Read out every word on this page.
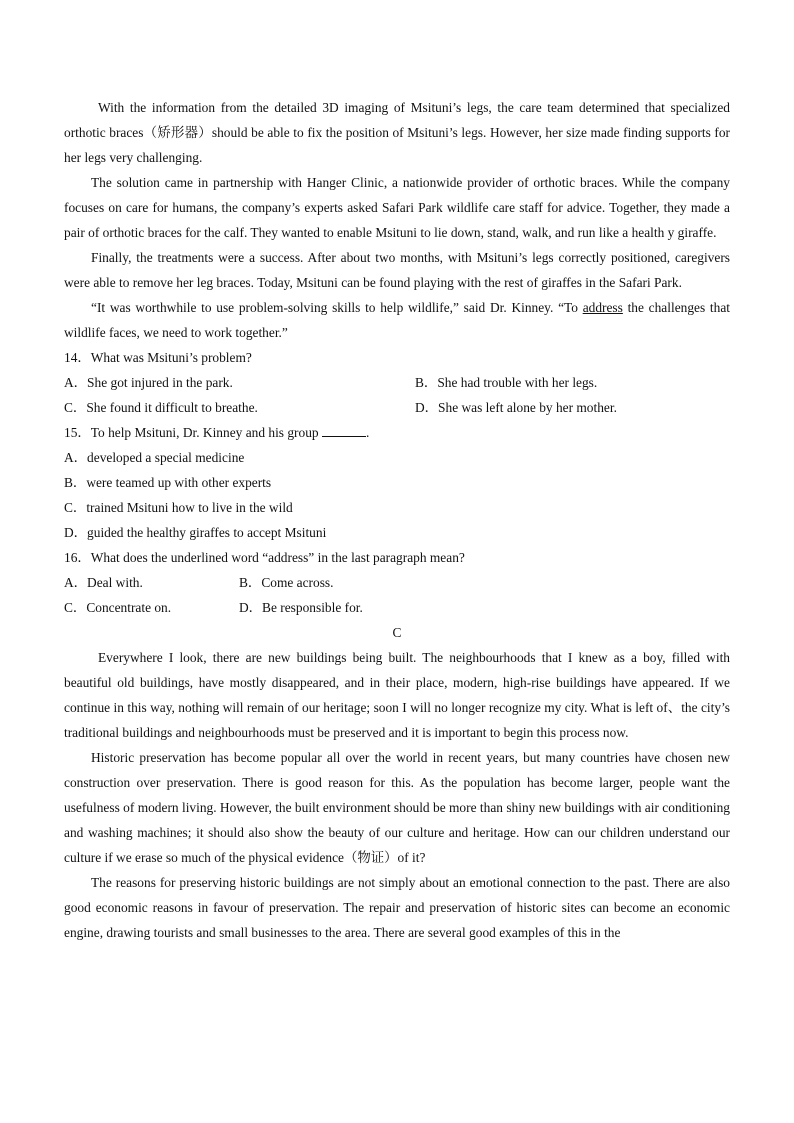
With the information from the detailed 3D imaging of Msituni’s legs, the care team determined that specialized orthotic braces（矫形器）should be able to fix the position of Msituni’s legs. However, her size made finding supports for her legs very challenging.

The solution came in partnership with Hanger Clinic, a nationwide provider of orthotic braces. While the company focuses on care for humans, the company’s experts asked Safari Park wildlife care staff for advice. Together, they made a pair of orthotic braces for the calf. They wanted to enable Msituni to lie down, stand, walk, and run like a health y giraffe.

Finally, the treatments were a success. After about two months, with Msituni’s legs correctly positioned, caregivers were able to remove her leg braces. Today, Msituni can be found playing with the rest of giraffes in the Safari Park.

“It was worthwhile to use problem-solving skills to help wildlife,” said Dr. Kinney. “To address the challenges that wildlife faces, we need to work together.”

14．What was Msituni’s problem?

A．She got injured in the park.	B．She had trouble with her legs.
C．She found it difficult to breathe.	D．She was left alone by her mother.

15．To help Msituni, Dr. Kinney and his group	.

A．developed a special medicine

B．were teamed up with other experts

C．trained Msituni how to live in the wild

D．guided the healthy giraffes to accept Msituni

16．What does the underlined word “address” in the last paragraph mean?

A．Deal with.	B．Come across.
C．Concentrate on.	D．Be responsible for.

C

Everywhere I look, there are new buildings being built. The neighbourhoods that I knew as a boy, filled with beautiful old buildings, have mostly disappeared, and in their place, modern, high-rise buildings have appeared. If we continue in this way, nothing will remain of our heritage; soon I will no longer recognize my city. What is left of、the city’s traditional buildings and neighbourhoods must be preserved and it is important to begin this process now.

Historic preservation has become popular all over the world in recent years, but many countries have chosen new construction over preservation. There is good reason for this. As the population has become larger, people want the usefulness of modern living. However, the built environment should be more than shiny new buildings with air conditioning and washing machines; it should also show the beauty of our culture and heritage. How can our children understand our culture if we erase so much of the physical evidence（物证）of it?

The reasons for preserving historic buildings are not simply about an emotional connection to the past. There are also good economic reasons in favour of preservation. The repair and preservation of historic sites can become an economic engine, drawing tourists and small businesses to the area. There are several good examples of this in the
